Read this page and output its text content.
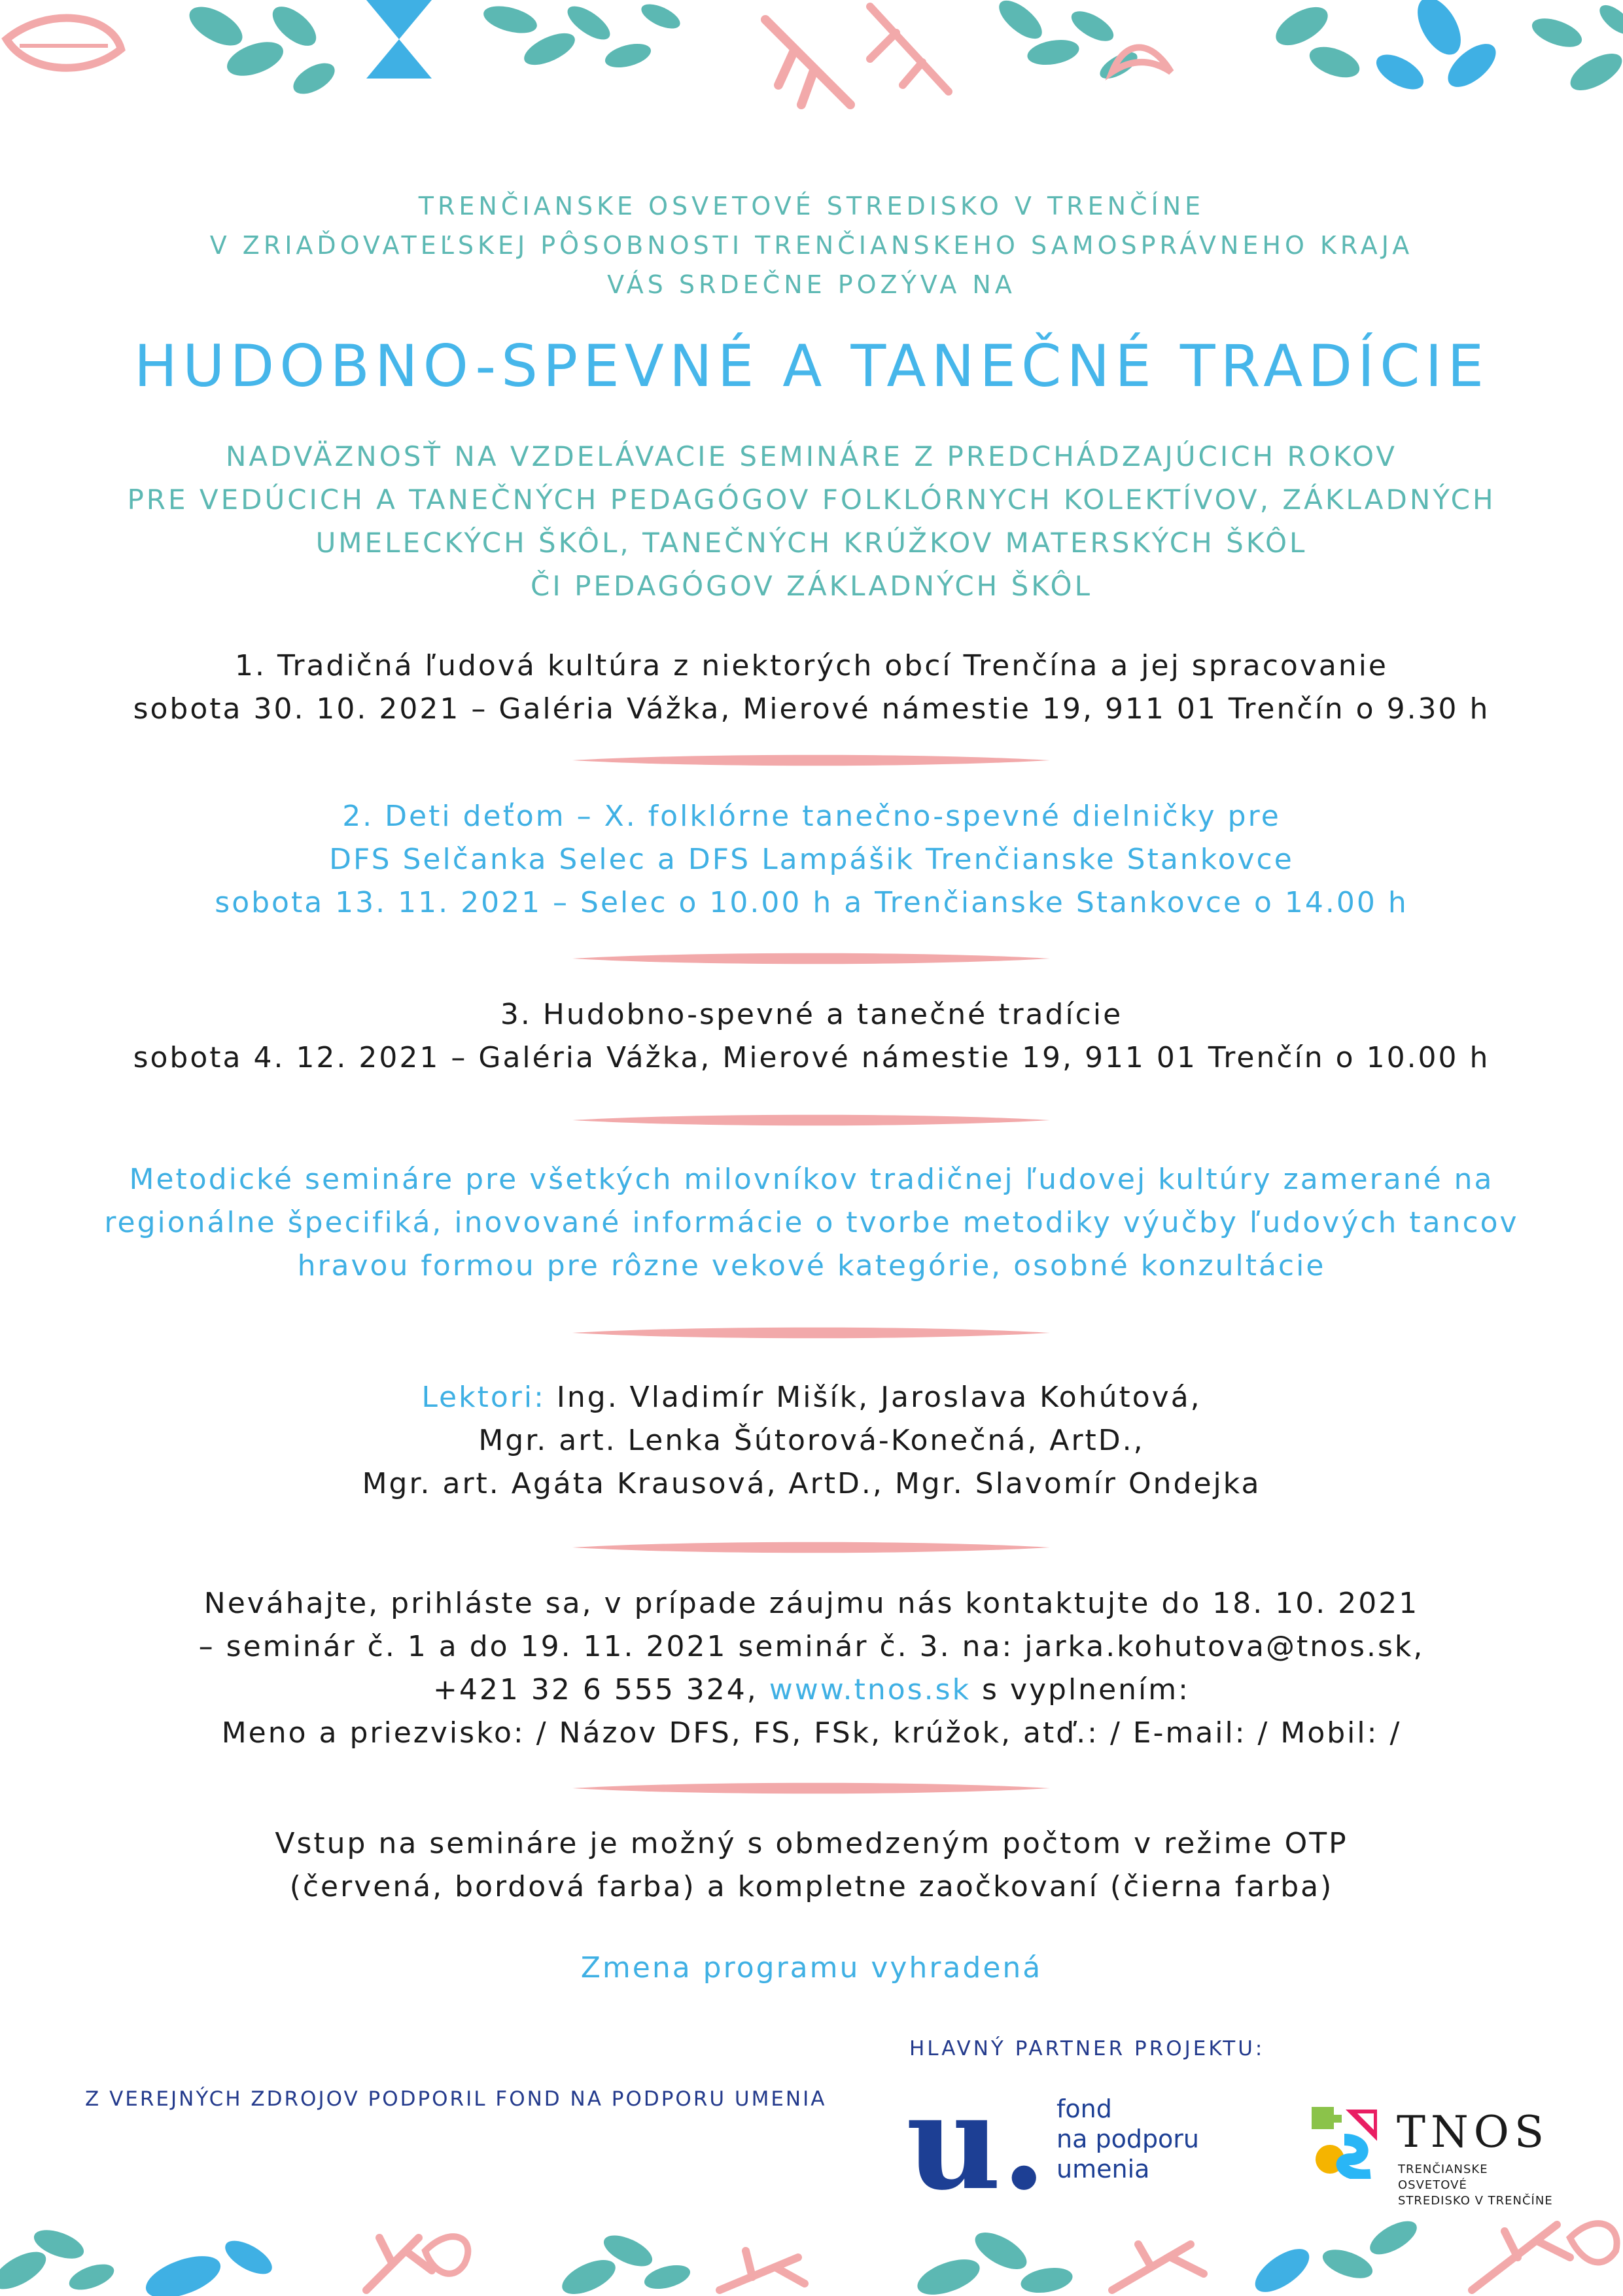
TRENČIANSKE OSVETOVÉ STREDISKO V TRENČÍNE
V ZRIAĎOVATEĽSKEJ PÔSOBNOSTI TRENČIANSKEHO SAMOSPRÁVNEHO KRAJA
VÁS SRDEČNE POZÝVA NA
HUDOBNO-SPEVNÉ A TANEČNÉ TRADÍCIE
NADVÄZNOSŤ NA VZDELÁVACIE SEMINÁRE Z PREDCHÁDZAJÚCICH ROKOV
PRE VEDÚCICH A TANEČNÝCH PEDAGÓGOV FOLKLÓRNYCH KOLEKTÍVOV, ZÁKLADNÝCH
UMELECKÝCH ŠKÔL, TANEČNÝCH KRÚŽKOV MATERSKÝCH ŠKÔL
ČI PEDAGÓGOV ZÁKLADNÝCH ŠKÔL
1. Tradičná ľudová kultúra z niektorých obcí Trenčína a jej spracovanie
sobota 30. 10. 2021 – Galéria Vážka, Mierové námestie 19, 911 01 Trenčín o 9.30 h
2. Deti deťom – X. folklórne tanečno-spevné dielničky pre
DFS Selčanka Selec a DFS Lampášik Trenčianske Stankovce
sobota 13. 11. 2021 – Selec o 10.00 h a Trenčianske Stankovce o 14.00 h
3. Hudobno-spevné a tanečné tradície
sobota 4. 12. 2021 – Galéria Vážka, Mierové námestie 19, 911 01 Trenčín o 10.00 h
Metodické semináre pre všetkých milovníkov tradičnej ľudovej kultúry zamerané na
regionálne špecifiká, inovované informácie o tvorbe metodiky výučby ľudových tancov
hravou formou pre rôzne vekové kategórie, osobné konzultácie
Lektori: Ing. Vladimír Mišík, Jaroslava Kohútová,
Mgr. art. Lenka Šútorová-Konečná, ArtD.,
Mgr. art. Agáta Krausová, ArtD., Mgr. Slavomír Ondejka
Neváhajte, prihláste sa, v prípade záujmu nás kontaktujte do 18. 10. 2021
– seminár č. 1 a do 19. 11. 2021 seminár č. 3. na: jarka.kohutova@tnos.sk,
+421 32 6 555 324, www.tnos.sk s vyplnením:
Meno a priezvisko: / Názov DFS, FS, FSk, krúžok, atď.: / E-mail: / Mobil: /
Vstup na semináre je možný s obmedzeným počtom v režime OTP
(červená, bordová farba) a kompletne zaočkovaní (čierna farba)
Zmena programu vyhradená
Z VEREJNÝCH ZDROJOV PODPORIL FOND NA PODPORU UMENIA
HLAVNÝ PARTNER PROJEKTU:
u. fond
na podporu
umenia
TNOS
TRENČIANSKE OSVETOVÉ
STREDISKO V TRENČÍNE
